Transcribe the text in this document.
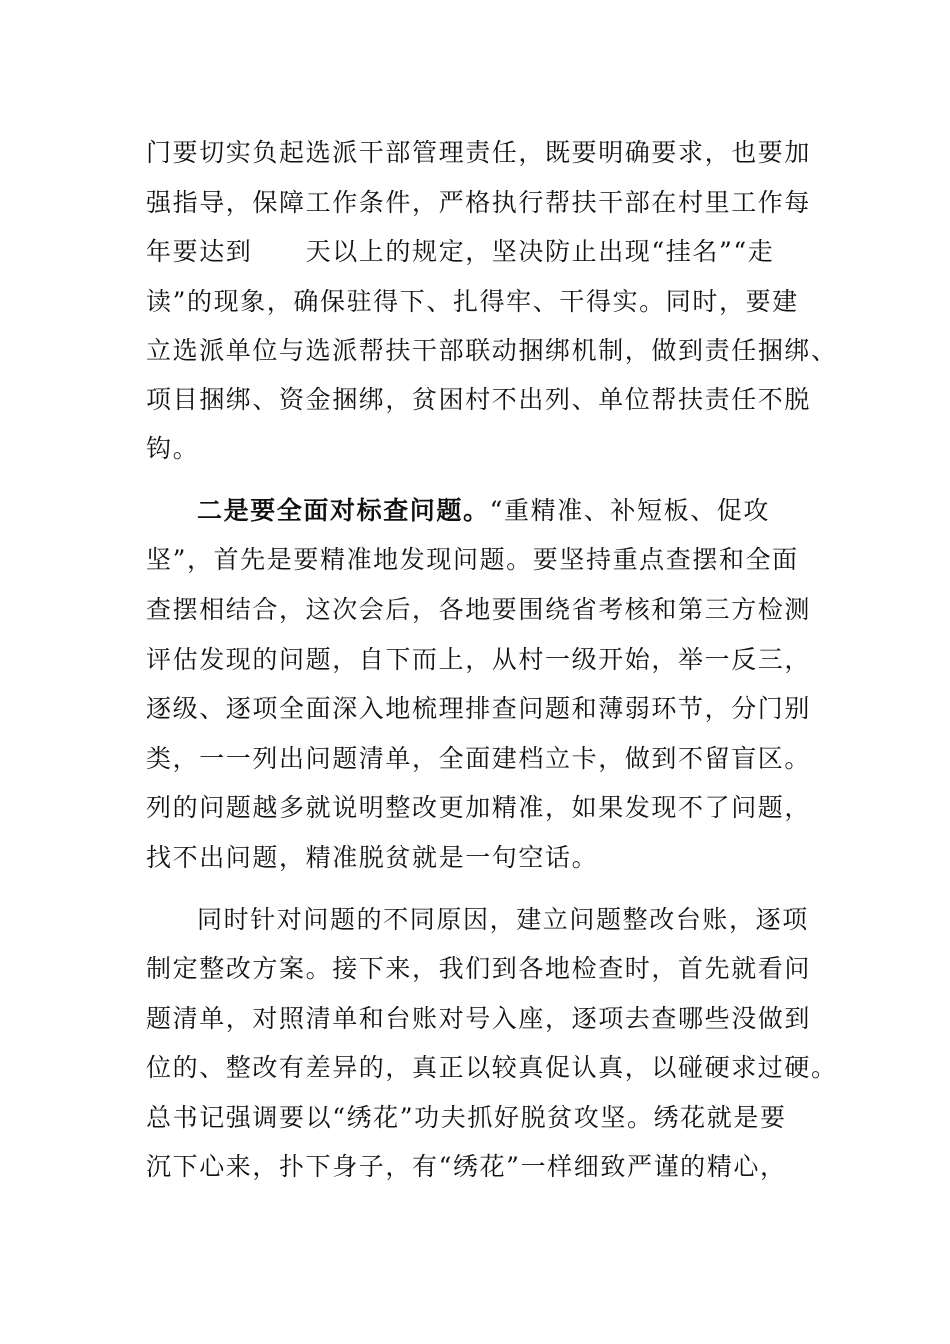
门要切实负起选派干部管理责任，既要明确要求，也要加
强指导，保障工作条件，严格执行帮扶干部在村里工作每
年要达到　　天以上的规定，坚决防止出现“挂名”“走
读”的现象，确保驻得下、扎得牢、干得实。同时，要建
立选派单位与选派帮扶干部联动捆绑机制，做到责任捆绑、
项目捆绑、资金捆绑，贫困村不出列、单位帮扶责任不脱
钩。
二是要全面对标查问题。“重精准、补短板、促攻
坚”，首先是要精准地发现问题。要坚持重点查摆和全面
查摆相结合，这次会后，各地要围绕省考核和第三方检测
评估发现的问题，自下而上，从村一级开始，举一反三，
逐级、逐项全面深入地梳理排查问题和薄弱环节，分门别
类，一一列出问题清单，全面建档立卡，做到不留盲区。
列的问题越多就说明整改更加精准，如果发现不了问题，
找不出问题，精准脱贫就是一句空话。
同时针对问题的不同原因，建立问题整改台账，逐项
制定整改方案。接下来，我们到各地检查时，首先就看问
题清单，对照清单和台账对号入座，逐项去查哪些没做到
位的、整改有差异的，真正以较真促认真，以碰硬求过硬。
总书记强调要以“绣花”功夫抓好脱贫攻坚。绣花就是要
沉下心来，扑下身子，有“绣花”一样细致严谨的精心，
